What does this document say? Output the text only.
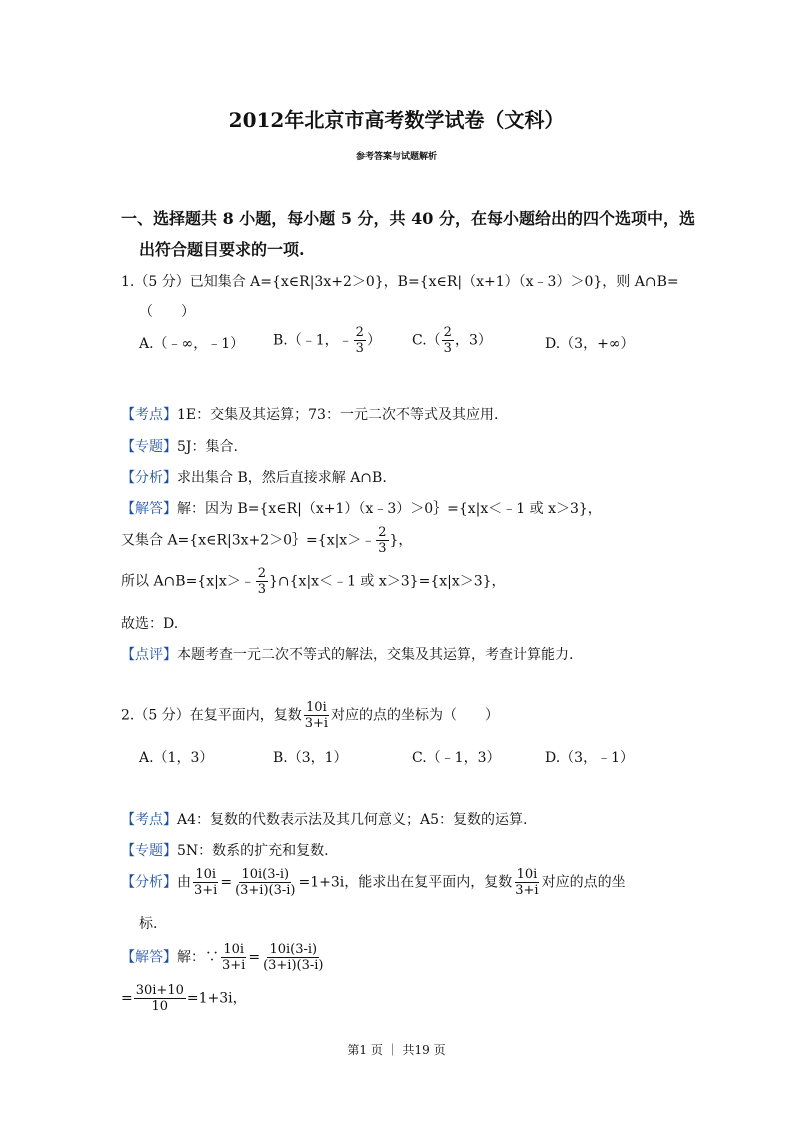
2012年北京市高考数学试卷（文科）
参考答案与试题解析
一、选择题共 8 小题，每小题 5 分，共 40 分，在每小题给出的四个选项中，选
出符合题目要求的一项.
1.（5 分）已知集合 A={x∈R|3x+2＞0}，B={x∈R|（x+1）（x﹣3）＞0}，则 A∩B=
（　　）
A.（﹣∞，﹣1） B.（﹣1，﹣ $\frac{2}{3}$ ） $C.( \frac{2}{3}$ ，3）	D.（3，+∞）
【考点】1E：交集及其运算；73：一元二次不等式及其应用.
【专题】5J：集合.
【分析】求出集合 B，然后直接求解 A∩B.
【解答】解：因为 B={x∈R|（x+1）（x﹣3）＞0｝={x|x＜﹣1 或 x＞3}，
又集合 A={x∈R|3x+2＞0｝={x|x＞﹣ $\frac{2}{3}$ }，
所以 A∩B={x|x＞﹣ $\frac{2}{3}$ }∩{x|x＜﹣1 或 x＞3}={x|x＞3}，
故选：D.
【点评】本题考查一元二次不等式的解法，交集及其运算，考查计算能力.
2.（5 分）在复平面内，复数 $\frac{10i}{3+i}$ 对应的点的坐标为（　　）
A.（1，3）	B.（3，1）	C.（﹣1，3）	D.（3，﹣1）
【考点】A4：复数的代数表示法及其几何意义；A5：复数的运算.
【专题】5N：数系的扩充和复数.
【分析】由 $\frac{10i}{3+i} = \frac{10i(3-i)}{(3+i)(3-i)} =1+3i$，能求出在复平面内，复数 $\frac{10i}{3+i}$ 对应的点的坐
标.
【解答】解：∵ $\frac{10i}{3+i} = \frac{10i(3-i)}{(3+i)(3-i)}$
= $\frac{30i+10}{10} =1+3i$，
第1 页 ｜ 共19 页
